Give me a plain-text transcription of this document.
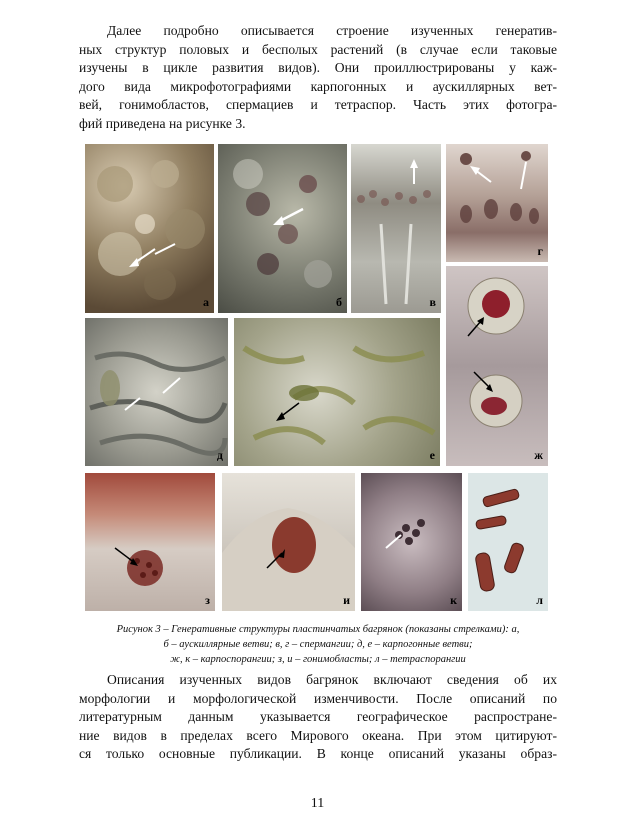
Далее подробно описывается строение изученных генератив-
ных структур половых и бесполых растений (в случае если таковые
изучены в цикле развития видов). Они проиллюстрированы у каж-
дого вида микрофотографиями карпогонных и аускиллярных вет-
вей, гонимобластов, спермациев и тетраспор. Часть этих фотогра-
фий приведена на рисунке 3.
а	б	в
г
д	е	ж
з	и	к	л
Рисунок 3 – Генеративные структуры пластинчатых багрянок (показаны стрелками): а,
б – аускиллярные ветви; в, г – спермангии; д, е – карпогонные ветви;
ж, к – карпоспорангии; з, и – гонимобласты; л – тетраспорангии
Описания изученных видов багрянок включают сведения об их
морфологии и морфологической изменчивости. После описаний по
литературным данным указывается географическое распростране-
ние видов в пределах всего Мирового океана. При этом цитируют-
ся только основные публикации. В конце описаний указаны образ-
11
